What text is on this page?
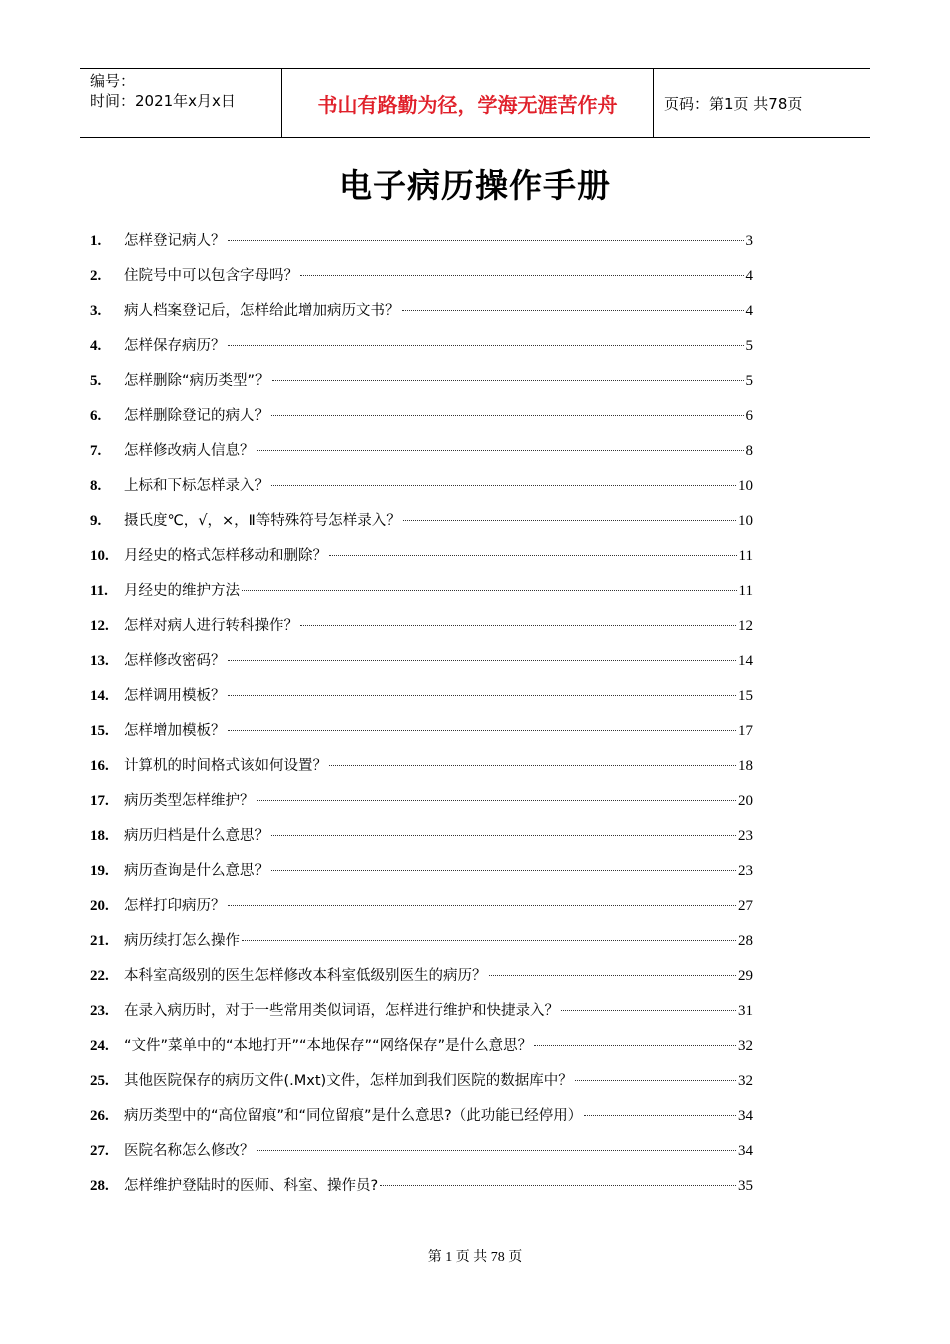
编号：
时间：2021年x月x日	书山有路勤为径，学海无涯苦作舟	页码：第1页 共78页
电子病历操作手册
1.	怎样登记病人？	3
2.	住院号中可以包含字母吗？	4
3.	病人档案登记后，怎样给此增加病历文书？	4
4.	怎样保存病历？	5
5.	怎样删除“病历类型”？	5
6.	怎样删除登记的病人？	6
7.	怎样修改病人信息？	8
8.	上标和下标怎样录入？	10
9.	摄氏度℃，√，×，Ⅱ等特殊符号怎样录入？	10
10.	月经史的格式怎样移动和删除？	11
11.	月经史的维护方法	11
12.	怎样对病人进行转科操作？	12
13.	怎样修改密码？	14
14.	怎样调用模板？	15
15.	怎样增加模板？	17
16.	计算机的时间格式该如何设置？	18
17.	病历类型怎样维护？	20
18.	病历归档是什么意思？	23
19.	病历查询是什么意思？	23
20.	怎样打印病历？	27
21.	病历续打怎么操作	28
22.	本科室高级别的医生怎样修改本科室低级别医生的病历？	29
23.	在录入病历时，对于一些常用类似词语，怎样进行维护和快捷录入？	31
24.	“文件”菜单中的“本地打开”“本地保存”“网络保存”是什么意思？	32
25.	其他医院保存的病历文件(.Mxt)文件，怎样加到我们医院的数据库中？	32
26.	病历类型中的“高位留痕”和“同位留痕”是什么意思?（此功能已经停用）	34
27.	医院名称怎么修改？	34
28.	怎样维护登陆时的医师、科室、操作员?	35
第 1 页 共 78 页
